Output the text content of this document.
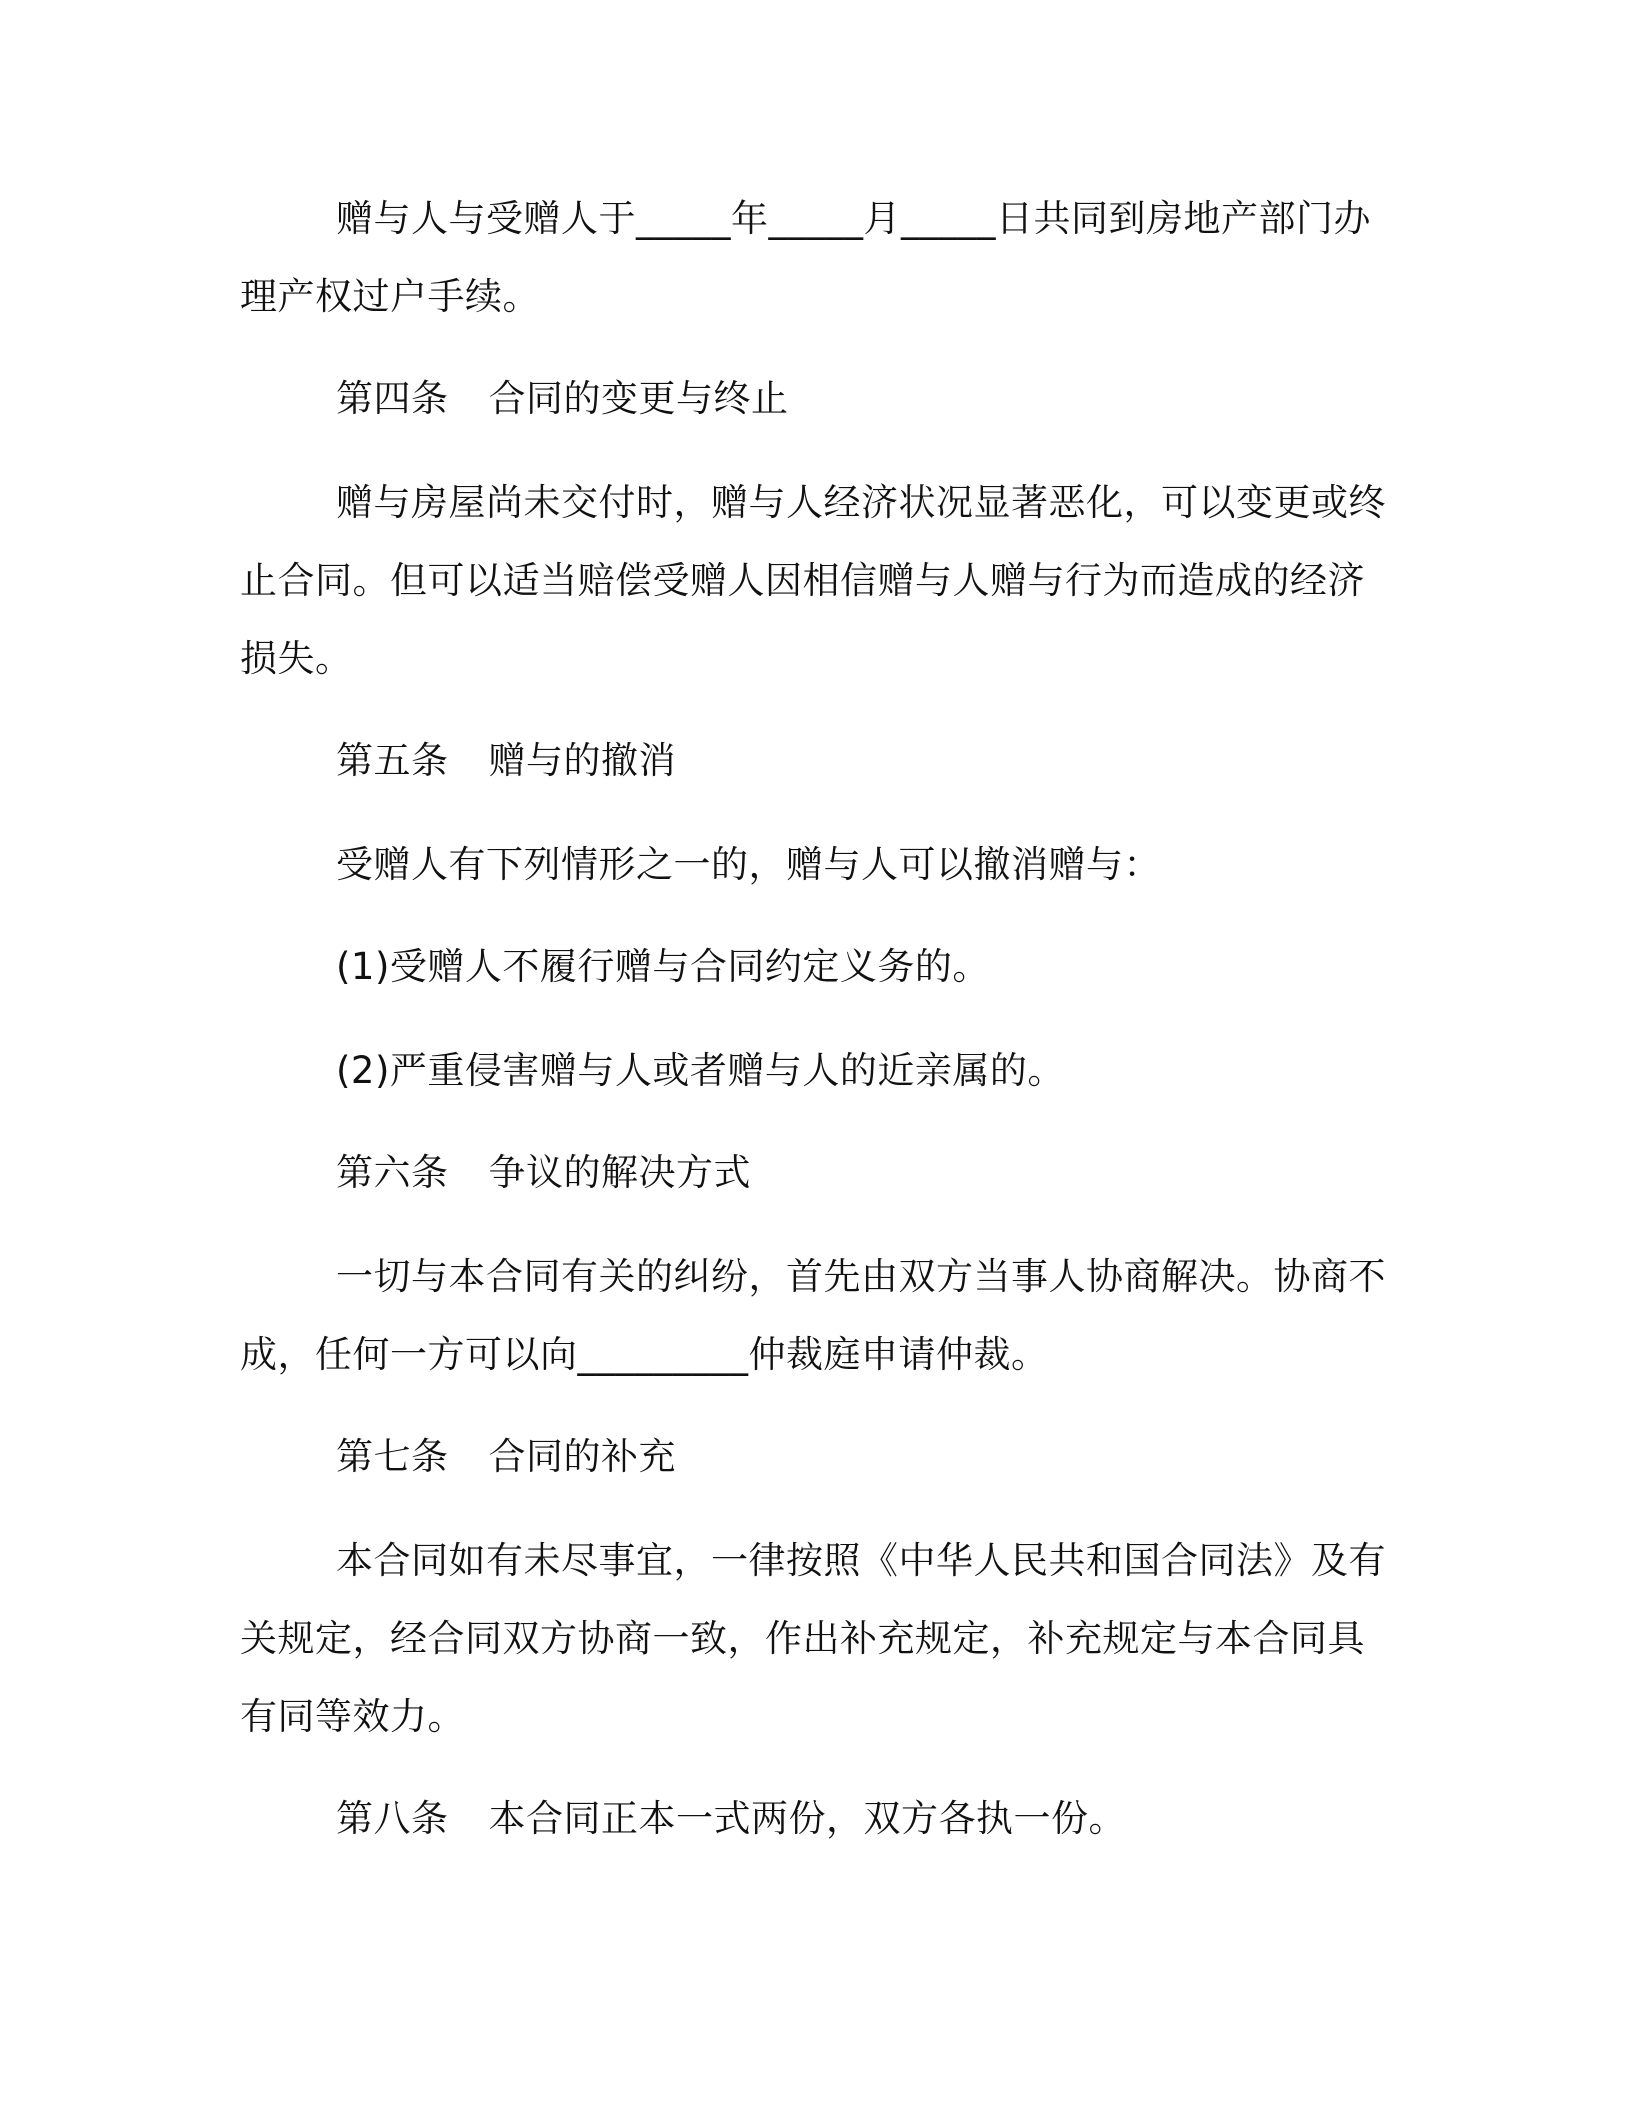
赠与人与受赠人于_____年_____月_____日共同到房地产部门办理产权过户手续。

第四条 合同的变更与终止

赠与房屋尚未交付时，赠与人经济状况显著恶化，可以变更或终止合同。但可以适当赔偿受赠人因相信赠与人赠与行为而造成的经济损失。

第五条 赠与的撤消

受赠人有下列情形之一的，赠与人可以撤消赠与：

(1)受赠人不履行赠与合同约定义务的。

(2)严重侵害赠与人或者赠与人的近亲属的。

第六条 争议的解决方式

一切与本合同有关的纠纷，首先由双方当事人协商解决。协商不成，任何一方可以向_________仲裁庭申请仲裁。

第七条 合同的补充

本合同如有未尽事宜，一律按照《中华人民共和国合同法》及有关规定，经合同双方协商一致，作出补充规定，补充规定与本合同具有同等效力。

第八条 本合同正本一式两份，双方各执一份。
